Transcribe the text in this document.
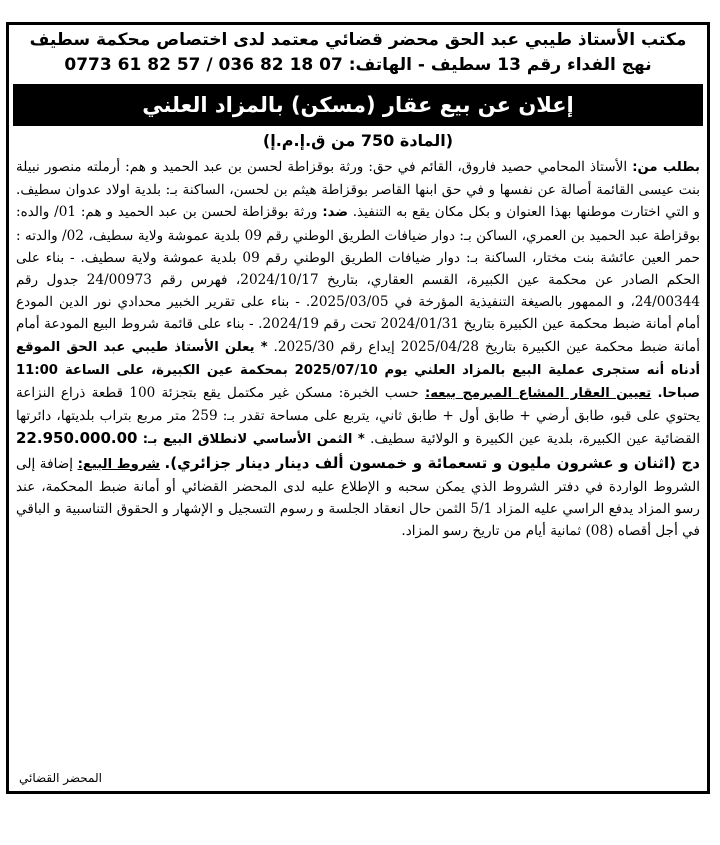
مكتب الأستاذ طيبي عبد الحق محضر قضائي معتمد لدى اختصاص محكمة سطيف
نهج الفداء رقم 13 سطيف - الهاتف: 07 18 82 036 / 57 82 61 0773
إعلان عن بيع عقار (مسكن) بالمزاد العلني
(المادة 750 من ق.إ.م.إ)
بطلب من: الأستاذ المحامي حصيد فاروق، القائم في حق: ورثة بوقزاطة لحسن بن عبد الحميد و هم: أرملته منصور نبيلة بنت عيسى القائمة أصالة عن نفسها و في حق ابنها القاصر بوقزاطة هيثم بن لحسن، الساكنة بـ: بلدية اولاد عدوان سطيف. و التي اختارت موطنها بهذا العنوان و بكل مكان يقع به التنفيذ. ضد: ورثة بوقزاطة لحسن بن عبد الحميد و هم: 01/ والده: بوقزاطة عبد الحميد بن العمري، الساكن بـ: دوار ضيافات الطريق الوطني رقم 09 بلدية عموشة ولاية سطيف، 02/ والدته : حمر العين عائشة بنت مختار، الساكنة بـ: دوار ضيافات الطريق الوطني رقم 09 بلدية عموشة ولاية سطيف. - بناء على الحكم الصادر عن محكمة عين الكبيرة، القسم العقاري، بتاريخ 2024/10/17، فهرس رقم 24/00973 جدول رقم 24/00344، و الممهور بالصيغة التنفيذية المؤرخة في 2025/03/05. - بناء على تقرير الخبير محدادي نور الدين المودع أمام أمانة ضبط محكمة عين الكبيرة بتاريخ 2024/01/31 تحت رقم 2024/19. - بناء على قائمة شروط البيع المودعة أمام أمانة ضبط محكمة عين الكبيرة بتاريخ 2025/04/28 إيداع رقم 2025/30. * يعلن الأستاذ طيبي عبد الحق الموقع أدناه أنه ستجرى عملية البيع بالمزاد العلني يوم 2025/07/10 بمحكمة عين الكبيرة، على الساعة 11:00 صباحا. تعيين العقار المشاع المبرمج بيعه: حسب الخبرة: مسكن غير مكتمل يقع بتجزئة 100 قطعة ذراع النزاعة يحتوي على قبو، طابق أرضي + طابق أول + طابق ثاني، يتربع على مساحة تقدر بـ: 259 متر مربع بتراب بلديتها، دائرتها القضائية عين الكبيرة، بلدية عين الكبيرة و الولائية سطيف. * الثمن الأساسي لانطلاق البيع بـ: 22.950.000.00 دج (اثنان و عشرون مليون و تسعمائة و خمسون ألف دينار دينار جزائري). شروط البيع: إضافة إلى الشروط الواردة في دفتر الشروط الذي يمكن سحبه و الإطلاع عليه لدى المحضر القضائي أو أمانة ضبط المحكمة، عند رسو المزاد يدفع الراسي عليه المزاد 5/1 الثمن حال انعقاد الجلسة و رسوم التسجيل و الإشهار و الحقوق التناسبية و الباقي في أجل أقصاه (08) ثمانية أيام من تاريخ رسو المزاد.
المحضر القضائي
